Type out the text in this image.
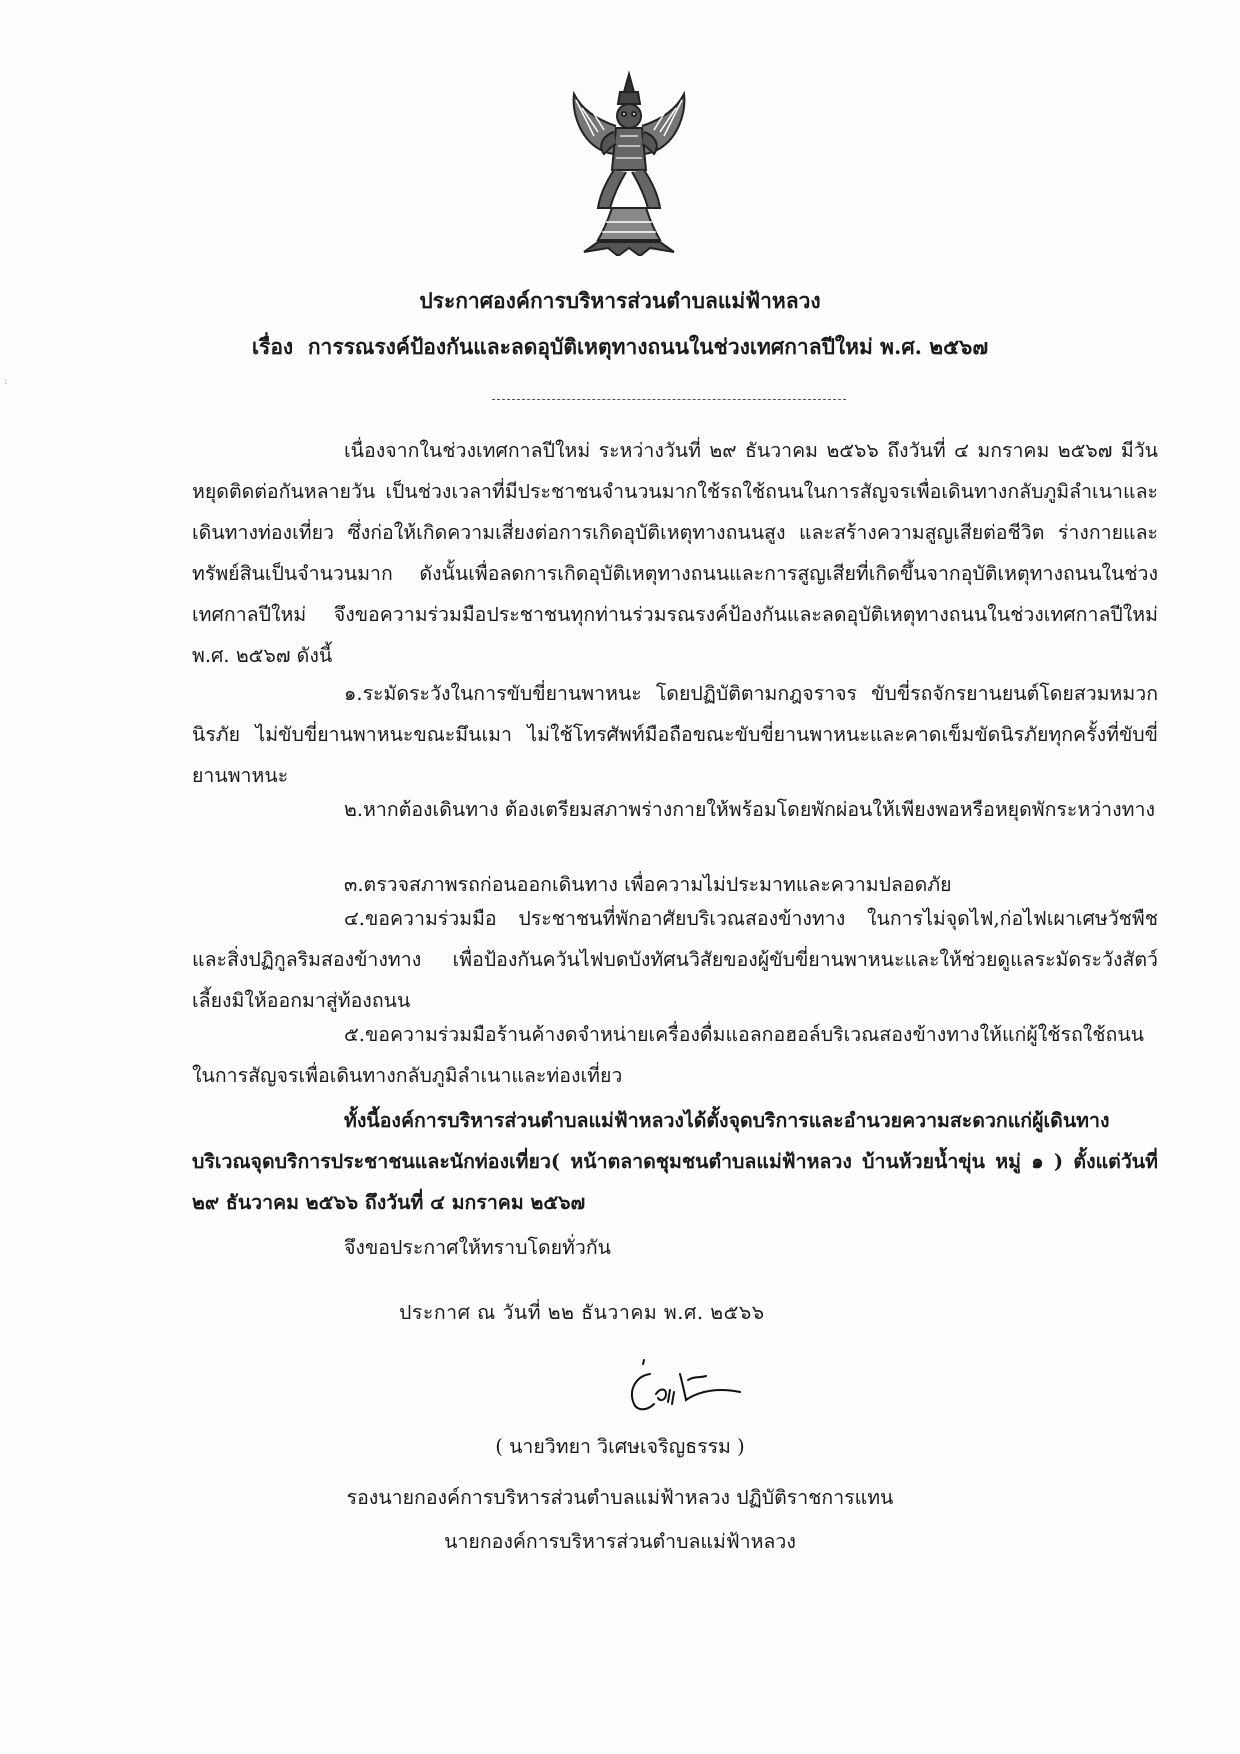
ประกาศองค์การบริหารส่วนตำบลแม่ฟ้าหลวง
เรื่อง การรณรงค์ป้องกันและลดอุบัติเหตุทางถนนในช่วงเทศกาลปีใหม่ พ.ศ. ๒๕๖๗

เนื่องจากในช่วงเทศกาลปีใหม่ ระหว่างวันที่ ๒๙ ธันวาคม ๒๕๖๖ ถึงวันที่ ๔ มกราคม ๒๕๖๗ มีวันหยุดติดต่อกันหลายวัน เป็นช่วงเวลาที่มีประชาชนจำนวนมากใช้รถใช้ถนนในการสัญจรเพื่อเดินทางกลับภูมิลำเนาและเดินทางท่องเที่ยว ซึ่งก่อให้เกิดความเสี่ยงต่อการเกิดอุบัติเหตุทางถนนสูง และสร้างความสูญเสียต่อชีวิต ร่างกายและทรัพย์สินเป็นจำนวนมาก ดังนั้นเพื่อลดการเกิดอุบัติเหตุทางถนนและการสูญเสียที่เกิดขึ้นจากอุบัติเหตุทางถนนในช่วงเทศกาลปีใหม่ จึงขอความร่วมมือประชาชนทุกท่านร่วมรณรงค์ป้องกันและลดอุบัติเหตุทางถนนในช่วงเทศกาลปีใหม่ พ.ศ. ๒๕๖๗ ดังนี้

๑.ระมัดระวังในการขับขี่ยานพาหนะ โดยปฏิบัติตามกฎจราจร ขับขี่รถจักรยานยนต์โดยสวมหมวกนิรภัย ไม่ขับขี่ยานพาหนะขณะมึนเมา ไม่ใช้โทรศัพท์มือถือขณะขับขี่ยานพาหนะและคาดเข็มขัดนิรภัยทุกครั้งที่ขับขี่ยานพาหนะ

๒.หากต้องเดินทาง ต้องเตรียมสภาพร่างกายให้พร้อมโดยพักผ่อนให้เพียงพอหรือหยุดพักระหว่างทาง

๓.ตรวจสภาพรถก่อนออกเดินทาง เพื่อความไม่ประมาทและความปลอดภัย

๔.ขอความร่วมมือ ประชาชนที่พักอาศัยบริเวณสองข้างทาง ในการไม่จุดไฟ,ก่อไฟเผาเศษวัชพืชและสิ่งปฏิกูลริมสองข้างทาง เพื่อป้องกันควันไฟบดบังทัศนวิสัยของผู้ขับขี่ยานพาหนะและให้ช่วยดูแลระมัดระวังสัตว์เลี้ยงมิให้ออกมาสู่ท้องถนน

๕.ขอความร่วมมือร้านค้างดจำหน่ายเครื่องดื่มแอลกอฮอล์บริเวณสองข้างทางให้แก่ผู้ใช้รถใช้ถนนในการสัญจรเพื่อเดินทางกลับภูมิลำเนาและท่องเที่ยว

ทั้งนี้องค์การบริหารส่วนตำบลแม่ฟ้าหลวงได้ตั้งจุดบริการและอำนวยความสะดวกแก่ผู้เดินทางบริเวณจุดบริการประชาชนและนักท่องเที่ยว( หน้าตลาดชุมชนตำบลแม่ฟ้าหลวง บ้านห้วยน้ำขุ่น หมู่ ๑ ) ตั้งแต่วันที่ ๒๙ ธันวาคม ๒๕๖๖ ถึงวันที่ ๔ มกราคม ๒๕๖๗

จึงขอประกาศให้ทราบโดยทั่วกัน
ประกาศ ณ วันที่ ๒๒ ธันวาคม พ.ศ. ๒๕๖๖
( นายวิทยา วิเศษเจริญธรรม )
รองนายกองค์การบริหารส่วนตำบลแม่ฟ้าหลวง ปฏิบัติราชการแทน
นายกองค์การบริหารส่วนตำบลแม่ฟ้าหลวง
:
